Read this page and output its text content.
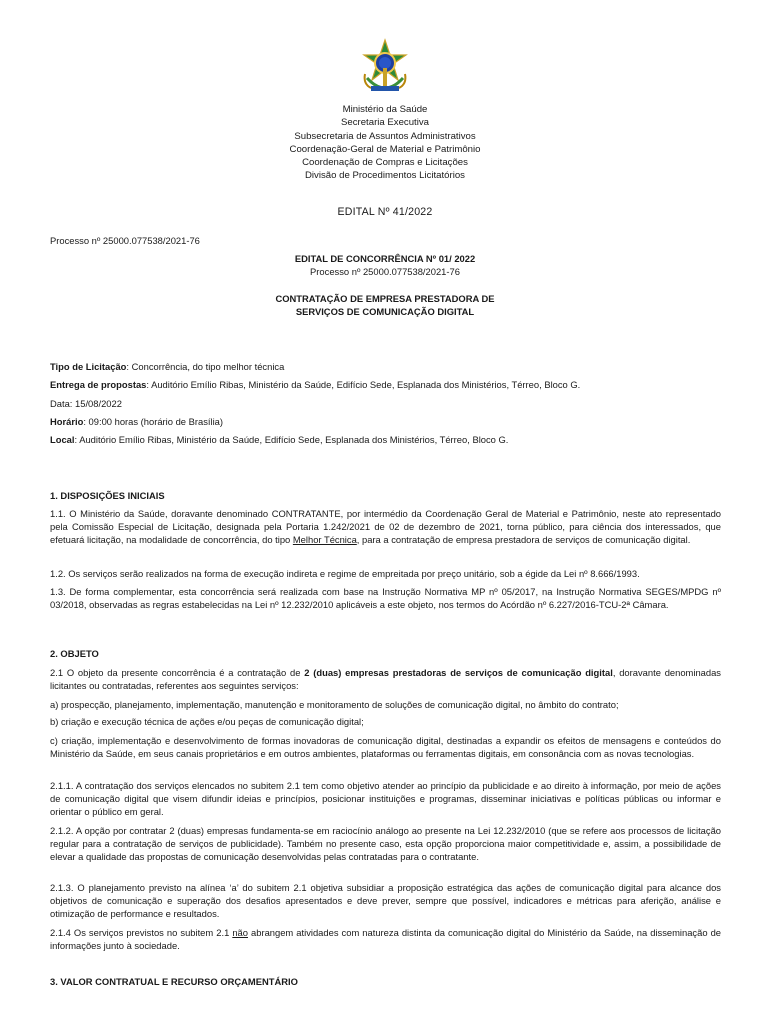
Ministério da Saúde
Secretaria Executiva
Subsecretaria de Assuntos Administrativos
Coordenação-Geral de Material e Patrimônio
Coordenação de Compras e Licitações
Divisão de Procedimentos Licitatórios
EDITAL Nº 41/2022
Processo nº 25000.077538/2021-76
EDITAL DE CONCORRÊNCIA Nº 01/ 2022
Processo nº 25000.077538/2021-76
CONTRATAÇÃO DE EMPRESA PRESTADORA DE
SERVIÇOS DE COMUNICAÇÃO DIGITAL
Tipo de Licitação: Concorrência, do tipo melhor técnica
Entrega de propostas: Auditório Emílio Ribas, Ministério da Saúde, Edifício Sede, Esplanada dos Ministérios, Térreo, Bloco G.
Data: 15/08/2022
Horário: 09:00 horas (horário de Brasília)
Local: Auditório Emílio Ribas, Ministério da Saúde, Edifício Sede, Esplanada dos Ministérios, Térreo, Bloco G.
1. DISPOSIÇÕES INICIAIS
1.1. O Ministério da Saúde, doravante denominado CONTRATANTE, por intermédio da Coordenação Geral de Material e Patrimônio, neste ato representado pela Comissão Especial de Licitação, designada pela Portaria 1.242/2021 de 02 de dezembro de 2021, torna público, para ciência dos interessados, que efetuará licitação, na modalidade de concorrência, do tipo Melhor Técnica, para a contratação de empresa prestadora de serviços de comunicação digital.
1.2. Os serviços serão realizados na forma de execução indireta e regime de empreitada por preço unitário, sob a égide da Lei nº 8.666/1993.
1.3. De forma complementar, esta concorrência será realizada com base na Instrução Normativa MP nº 05/2017, na Instrução Normativa SEGES/MPDG nº 03/2018, observadas as regras estabelecidas na Lei nº 12.232/2010 aplicáveis a este objeto, nos termos do Acórdão nº 6.227/2016-TCU-2ª Câmara.
2. OBJETO
2.1 O objeto da presente concorrência é a contratação de 2 (duas) empresas prestadoras de serviços de comunicação digital, doravante denominadas licitantes ou contratadas, referentes aos seguintes serviços:
a) prospecção, planejamento, implementação, manutenção e monitoramento de soluções de comunicação digital, no âmbito do contrato;
b) criação e execução técnica de ações e/ou peças de comunicação digital;
c) criação, implementação e desenvolvimento de formas inovadoras de comunicação digital, destinadas a expandir os efeitos de mensagens e conteúdos do Ministério da Saúde, em seus canais proprietários e em outros ambientes, plataformas ou ferramentas digitais, em consonância com as novas tecnologias.
2.1.1. A contratação dos serviços elencados no subitem 2.1 tem como objetivo atender ao princípio da publicidade e ao direito à informação, por meio de ações de comunicação digital que visem difundir ideias e princípios, posicionar instituições e programas, disseminar iniciativas e políticas públicas ou informar e orientar o público em geral.
2.1.2. A opção por contratar 2 (duas) empresas fundamenta-se em raciocínio análogo ao presente na Lei 12.232/2010 (que se refere aos processos de licitação regular para a contratação de serviços de publicidade). Também no presente caso, esta opção proporciona maior competitividade e, assim, a possibilidade de elevar a qualidade das propostas de comunicação desenvolvidas pelas contratadas para o contratante.
2.1.3. O planejamento previsto na alínea ‘a’ do subitem 2.1 objetiva subsidiar a proposição estratégica das ações de comunicação digital para alcance dos objetivos de comunicação e superação dos desafios apresentados e deve prever, sempre que possível, indicadores e métricas para aferição, análise e otimização de performance e resultados.
2.1.4 Os serviços previstos no subitem 2.1 não abrangem atividades com natureza distinta da comunicação digital do Ministério da Saúde, na disseminação de informações junto à sociedade.
3. VALOR CONTRATUAL E RECURSO ORÇAMENTÁRIO
